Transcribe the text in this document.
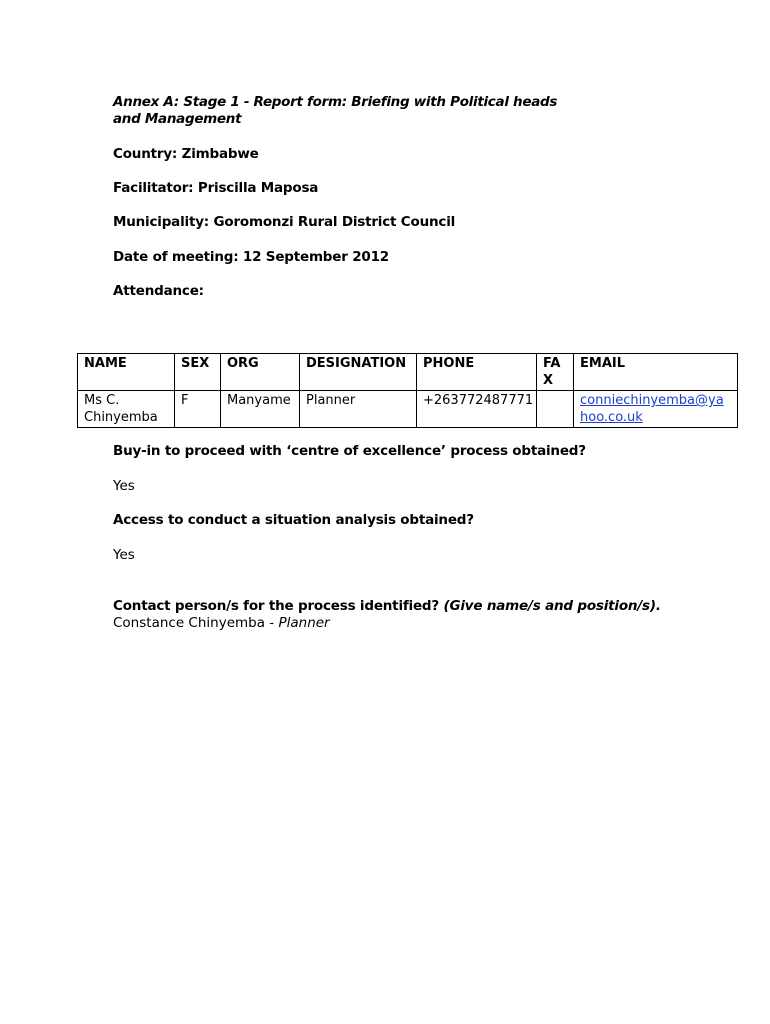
Annex A: Stage 1 - Report form: Briefing with Political heads and Management
Country: Zimbabwe
Facilitator: Priscilla Maposa
Municipality: Goromonzi Rural District Council
Date of meeting: 12 September 2012
Attendance:
NAME	SEX	ORG	DESIGNATION	PHONE	FAX	EMAIL
Ms C. Chinyemba	F	Manyame	Planner	+263772487771		conniechinyemba@yahoo.co.uk
Buy-in to proceed with ‘centre of excellence’ process obtained?
Yes
Access to conduct a situation analysis obtained?
Yes
Contact person/s for the process identified? (Give name/s and position/s).
Constance Chinyemba - Planner
